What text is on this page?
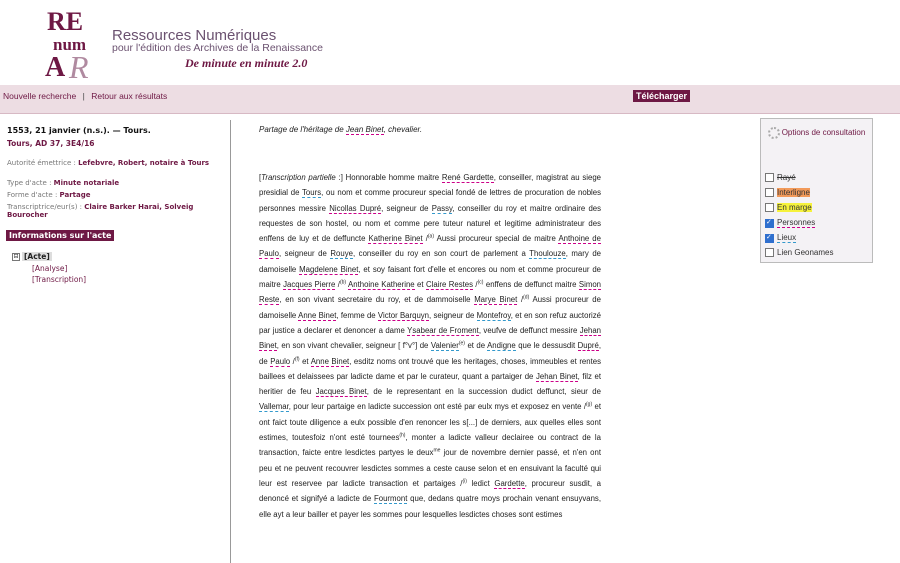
RE
num
A R
Ressources Numériques
pour l'édition des Archives de la Renaissance
De minute en minute 2.0
Nouvelle recherche | Retour aux résultats	Télécharger
1553, 21 janvier (n.s.). — Tours.
Tours, AD 37, 3E4/16
Autorité émettrice : Lefebvre, Robert, notaire à Tours
Type d'acte : Minute notariale
Forme d'acte : Partage
Transcriptrice/eur(s) : Claire Barker Harai, Solveig Bourocher
Informations sur l'acte
⊟ [Acte]
[Analyse]
[Transcription]
Partage de l'héritage de Jean Binet, chevalier.
[Transcription partielle :] Honnorable homme maitre René Gardette, conseiller, magistrat au siege presidial de Tours, ou nom et comme procureur special fondé de lettres de procuration de nobles personnes messire Nicollas Dupré, seigneur de Passy, conseiller du roy et maitre ordinaire des requestes de son hostel, ou nom et comme pere tuteur naturel et legitime administrateur des enffens de luy et de deffuncte Katherine Binet /$^{(a)}$ Aussi procureur special de maitre Anthoine de Paulo, seigneur de Rouye, conseiller du roy en son court de parlement a Thoulouze, mary de damoiselle Magdelene Binet, et soy faisant fort d'elle et encores ou nom et comme procureur de maitre Jacques Pierre /$^{(b)}$ Anthoine Katherine et Claire Restes /$^{(c)}$ enffens de deffunct maitre Simon Reste, en son vivant secretaire du roy, et de dammoiselle Marye Binet /$^{(d)}$ Aussi procureur de damoiselle Anne Binet, femme de Victor Barquyn, seigneur de Montefroy, et en son refuz auctorizé par justice a declarer et denoncer a dame Ysabear de Froment, veufve de deffunct messire Jehan Binet, en son vivant chevalier, seigneur [ f°v°] de Valenier$^{(e)}$ et de Andigne que le dessusdit Dupré, de Paulo /$^{(f)}$ et Anne Binet, esditz noms ont trouvé que les heritages, choses, immeubles et rentes baillees et delaissees par ladicte dame et par le curateur, quant a partaiger de Jehan Binet, filz et heritier de feu Jacques Binet, de le representant en la succession dudict deffunct, sieur de Vallemar, pour leur partaige en ladicte succession ont esté par eulx mys et exposez en vente /$^{(g)}$ et ont faict toute diligence a eulx possible d'en renoncer les s[...] de derniers, aux quelles elles sont estimes, toutesfoiz n'ont esté tournees$^{(h)}$, monter a ladicte valleur declairee ou contract de la transaction, faicte entre lesdictes partyes le deux$^{me}$ jour de novembre dernier passé, et n'en ont peu et ne peuvent recouvrer lesdictes sommes a ceste cause selon et en ensuivant la faculté qui leur est reservee par ladicte transaction et partaiges /$^{(i)}$ ledict Gardette, procureur susdit, a denoncé et signifyé a ladicte de Fourmont que, dedans quatre moys prochain venant ensuyvans, elle ayt a leur bailler et payer les sommes pour lesquelles lesdictes choses sont estimes
Options de consultation
Rayé
Interligne
En marge
✓
Personnes
✓
Lieux
Lien Geonames
